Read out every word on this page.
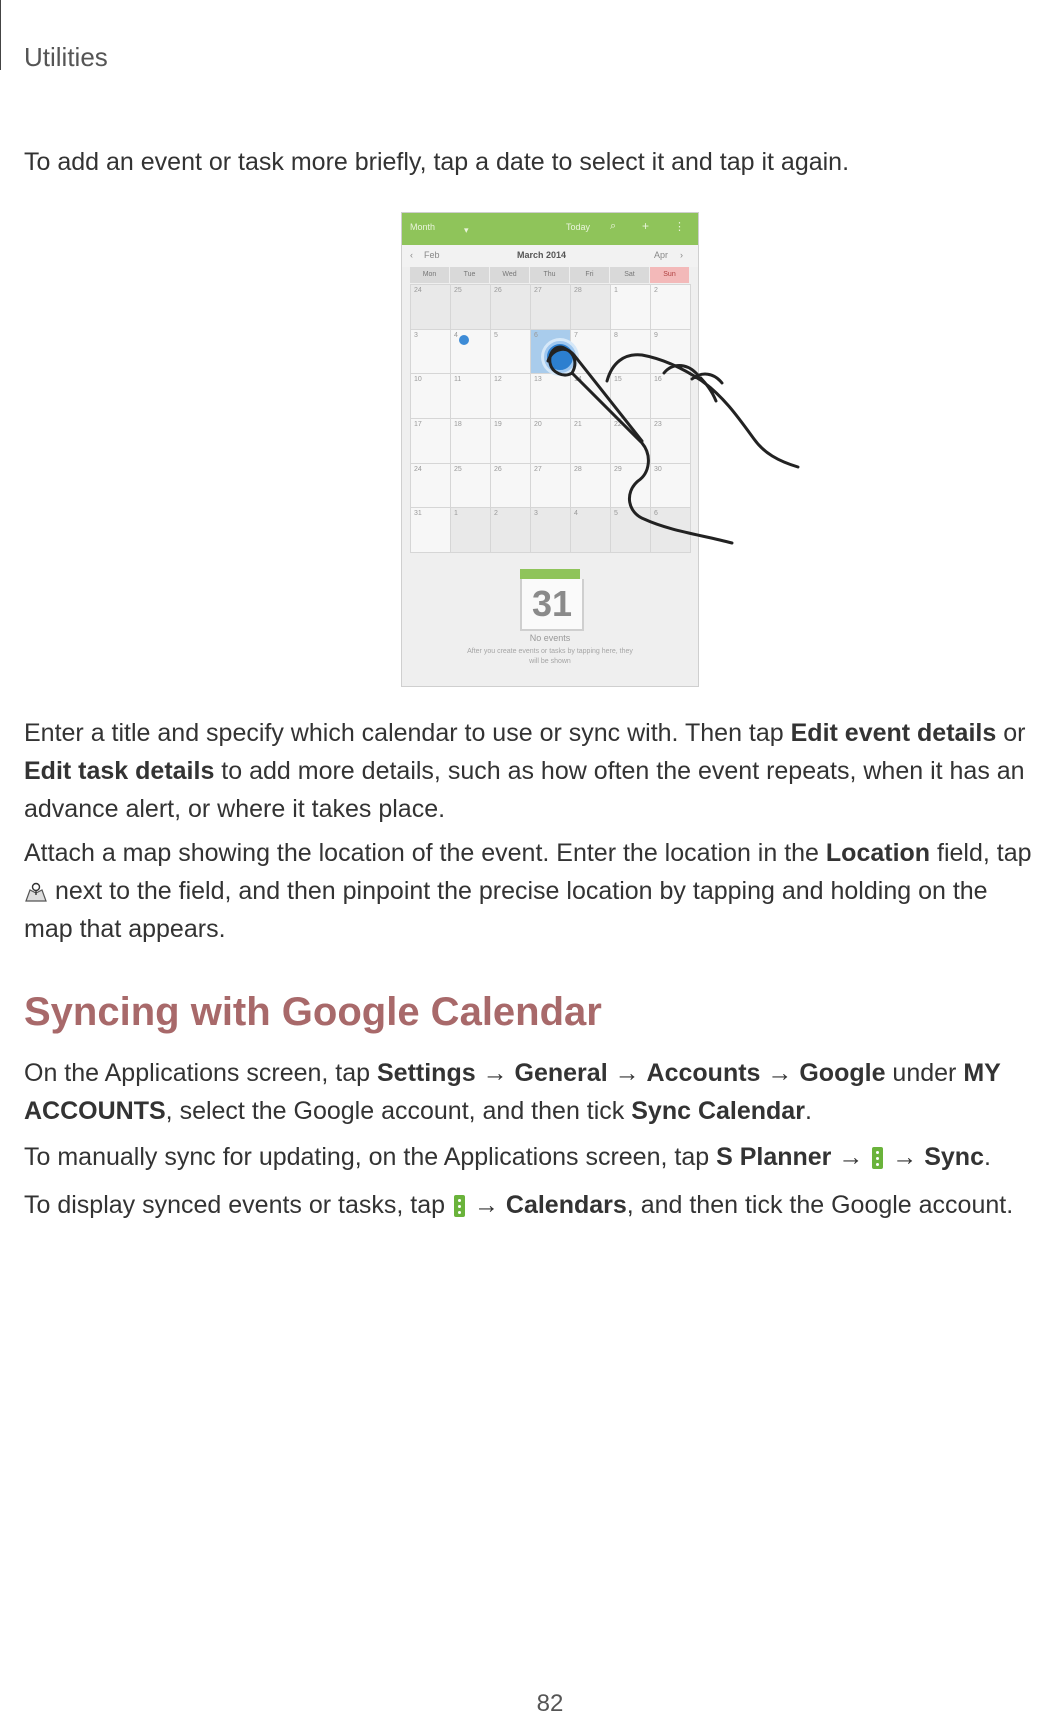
Utilities
To add an event or task more briefly, tap a date to select it and tap it again.
Month	▾	Today ⌕ + ⋮
‹ Feb	March 2014	Apr ›
Mon	Tue	Wed	Thu	Fri	Sat	Sun
24	25	26	27	28	1	2
3	4	5	6	7	8	9
10	11	12	13	14	15	16
17	18	19	20	21	22	23
24	25	26	27	28	29	30
31	1	2	3	4	5	6
31
No events
After you create events or tasks by tapping here, they will be shown
Enter a title and specify which calendar to use or sync with. Then tap Edit event details or Edit task details to add more details, such as how often the event repeats, when it has an advance alert, or where it takes place.
Attach a map showing the location of the event. Enter the location in the Location field, tap  next to the field, and then pinpoint the precise location by tapping and holding on the map that appears.
Syncing with Google Calendar
On the Applications screen, tap Settings → General → Accounts → Google under MY ACCOUNTS, select the Google account, and then tick Sync Calendar.
To manually sync for updating, on the Applications screen, tap S Planner →
→ Sync.
To display synced events or tasks, tap
→ Calendars, and then tick the Google account.
82
